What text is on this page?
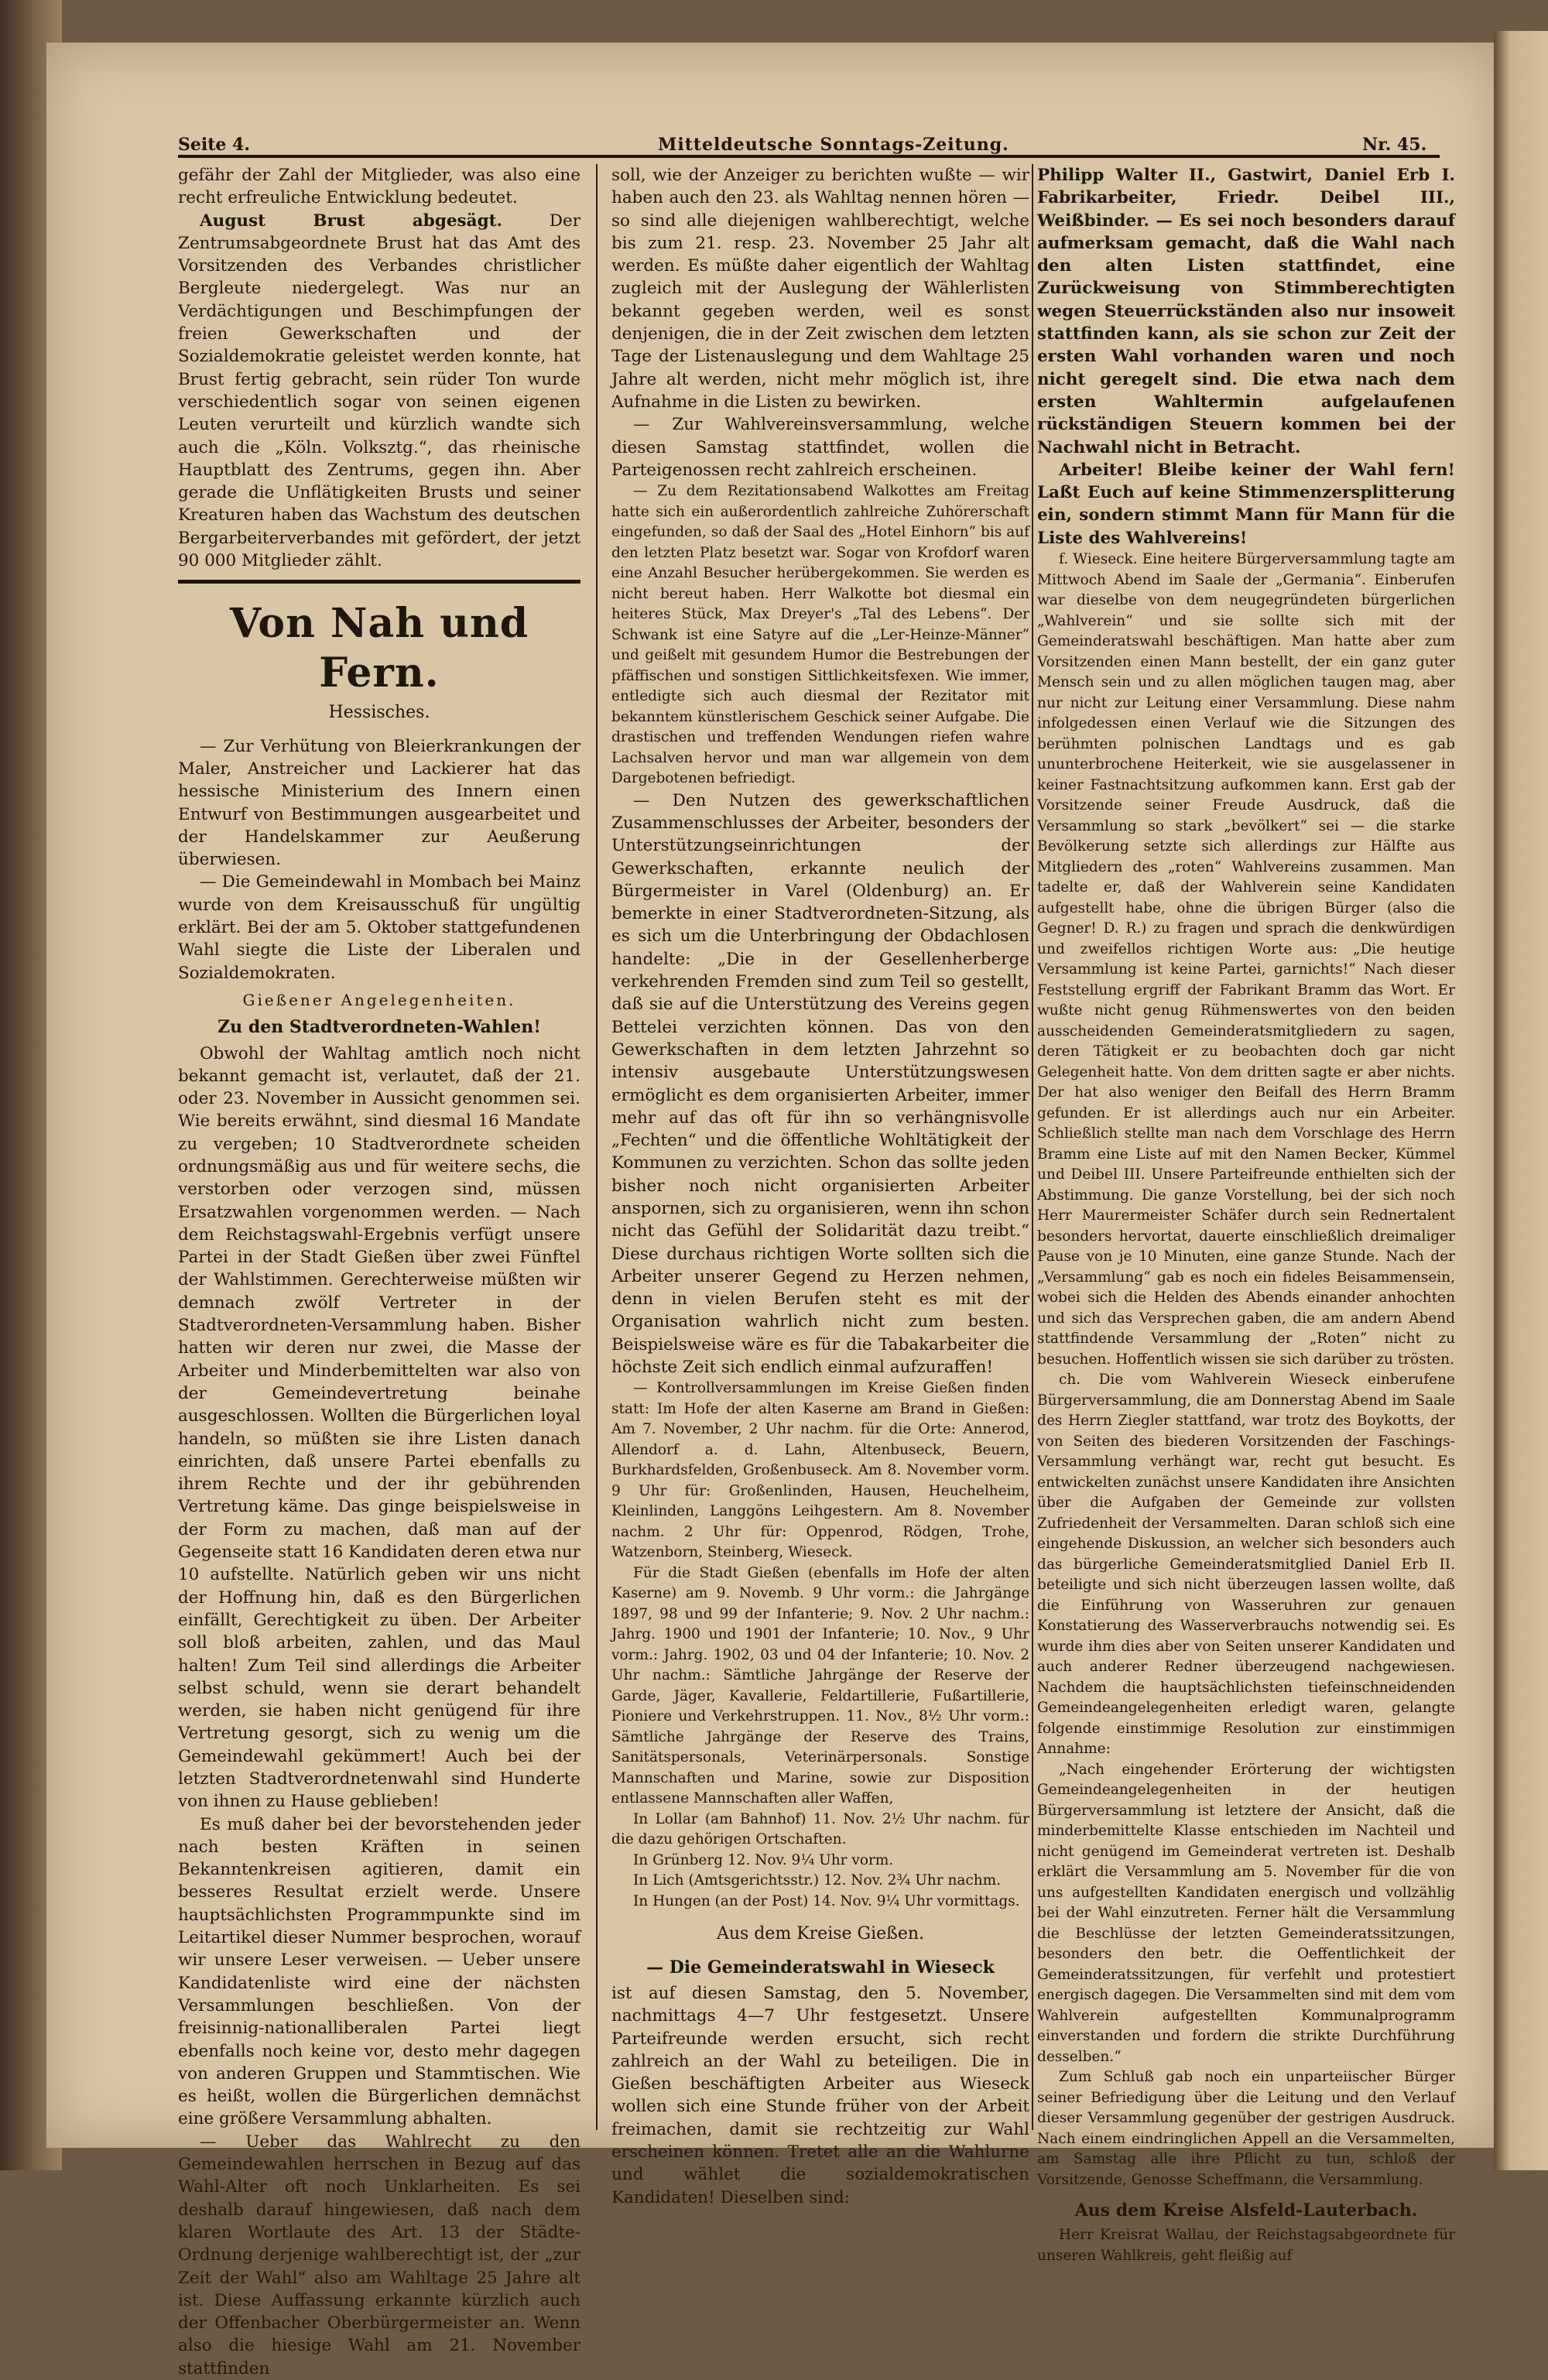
Seite 4.	Mitteldeutsche Sonntags-Zeitung.	Nr. 45.

gefähr der Zahl der Mitglieder, was also eine recht erfreuliche Entwicklung bedeutet.

August Brust abgesägt.	Der Zentrumsabgeordnete Brust hat das Amt des Vorsitzenden des Verbandes christlicher Bergleute niedergelegt. Was nur an Verdächtigungen und Beschimpfungen der freien Gewerkschaften und der Sozialdemokratie geleistet werden konnte, hat Brust fertig gebracht, sein rüder Ton wurde verschiedentlich sogar von seinen eigenen Leuten verurteilt und kürzlich wandte sich auch die „Köln. Volksztg.“, das rheinische Hauptblatt des Zentrums, gegen ihn. Aber gerade die Unflätigkeiten Brusts und seiner Kreaturen haben das Wachstum des deutschen Bergarbeiterverbandes mit gefördert, der jetzt 90 000 Mitglieder zählt.

Von Nah und Fern.

Hessisches.

— Zur Verhütung von Bleierkrankungen der Maler, Anstreicher und Lackierer hat das hessische Ministerium des Innern einen Entwurf von Bestimmungen ausgearbeitet und der Handelskammer zur Aeußerung überwiesen.

— Die Gemeindewahl in Mombach bei Mainz wurde von dem Kreisausschuß für ungültig erklärt. Bei der am 5. Oktober stattgefundenen Wahl siegte die Liste der Liberalen und Sozialdemokraten.

Gießener Angelegenheiten.

Zu den Stadtverordneten-Wahlen!

Obwohl der Wahltag amtlich noch nicht bekannt gemacht ist, verlautet, daß der 21. oder 23. November in Aussicht genommen sei. Wie bereits erwähnt, sind diesmal 16 Mandate zu vergeben; 10 Stadtverordnete scheiden ordnungsmäßig aus und für weitere sechs, die verstorben oder verzogen sind, müssen Ersatzwahlen vorgenommen werden. — Nach dem Reichstagswahl-Ergebnis verfügt unsere Partei in der Stadt Gießen über zwei Fünftel der Wahlstimmen. Gerechterweise müßten wir demnach zwölf Vertreter in der Stadtverordneten-Versammlung haben. Bisher hatten wir deren nur zwei, die Masse der Arbeiter und Minderbemittelten war also von der Gemeindevertretung beinahe ausgeschlossen. Wollten die Bürgerlichen loyal handeln, so müßten sie ihre Listen danach einrichten, daß unsere Partei ebenfalls zu ihrem Rechte und der ihr gebührenden Vertretung käme. Das ginge beispielsweise in der Form zu machen, daß man auf der Gegenseite statt 16 Kandidaten deren etwa nur 10 aufstellte. Natürlich geben wir uns nicht der Hoffnung hin, daß es den Bürgerlichen einfällt, Gerechtigkeit zu üben. Der Arbeiter soll bloß arbeiten, zahlen, und das Maul halten! Zum Teil sind allerdings die Arbeiter selbst schuld, wenn sie derart behandelt werden, sie haben nicht genügend für ihre Vertretung gesorgt, sich zu wenig um die Gemeindewahl gekümmert! Auch bei der letzten Stadtverordnetenwahl sind Hunderte von ihnen zu Hause geblieben!

Es muß daher bei der bevorstehenden jeder nach besten Kräften in seinen Bekanntenkreisen agitieren, damit ein besseres Resultat erzielt werde. Unsere hauptsächlichsten Programmpunkte sind im Leitartikel dieser Nummer besprochen, worauf wir unsere Leser verweisen. — Ueber unsere Kandidatenliste wird eine der nächsten Versammlungen beschließen. Von der freisinnig-nationalliberalen Partei liegt ebenfalls noch keine vor, desto mehr dagegen von anderen Gruppen und Stammtischen. Wie es heißt, wollen die Bürgerlichen demnächst eine größere Versammlung abhalten.

— Ueber das Wahlrecht zu den Gemeindewahlen herrschen in Bezug auf das Wahl-Alter oft noch Unklarheiten. Es sei deshalb darauf hingewiesen, daß nach dem klaren Wortlaute des Art. 13 der Städte-Ordnung derjenige wahlberechtigt ist, der „zur Zeit der Wahl“ also am Wahltage 25 Jahre alt ist. Diese Auffassung erkannte kürzlich auch der Offenbacher Oberbürgermeister an. Wenn also die hiesige Wahl am 21. November stattfinden

soll, wie der Anzeiger zu berichten wußte — wir haben auch den 23. als Wahltag nennen hören — so sind alle diejenigen wahlberechtigt, welche bis zum 21. resp. 23. November 25 Jahr alt werden. Es müßte daher eigentlich der Wahltag zugleich mit der Auslegung der Wählerlisten bekannt gegeben werden, weil es sonst denjenigen, die in der Zeit zwischen dem letzten Tage der Listenauslegung und dem Wahltage 25 Jahre alt werden, nicht mehr möglich ist, ihre Aufnahme in die Listen zu bewirken.

— Zur Wahlvereinsversammlung, welche diesen Samstag stattfindet, wollen die Parteigenossen recht zahlreich erscheinen.

— Zu dem Rezitationsabend Walkottes am Freitag hatte sich ein außerordentlich zahlreiche Zuhörerschaft eingefunden, so daß der Saal des „Hotel Einhorn“ bis auf den letzten Platz besetzt war. Sogar von Krofdorf waren eine Anzahl Besucher herübergekommen. Sie werden es nicht bereut haben. Herr Walkotte bot diesmal ein heiteres Stück, Max Dreyer's „Tal des Lebens“. Der Schwank ist eine Satyre auf die „Ler-Heinze-Männer“ und geißelt mit gesundem Humor die Bestrebungen der pfäffischen und sonstigen Sittlichkeitsfexen. Wie immer, entledigte sich auch diesmal der Rezitator mit bekanntem künstlerischem Geschick seiner Aufgabe. Die drastischen und treffenden Wendungen riefen wahre Lachsalven hervor und man war allgemein von dem Dargebotenen befriedigt.

— Den Nutzen des gewerkschaftlichen Zusammenschlusses der Arbeiter, besonders der Unterstützungseinrichtungen der Gewerkschaften, erkannte neulich der Bürgermeister in Varel (Oldenburg) an. Er bemerkte in einer Stadtverordneten-Sitzung, als es sich um die Unterbringung der Obdachlosen handelte: „Die in der Gesellenherberge verkehrenden Fremden sind zum Teil so gestellt, daß sie auf die Unterstützung des Vereins gegen Bettelei verzichten können. Das von den Gewerkschaften in dem letzten Jahrzehnt so intensiv ausgebaute Unterstützungswesen ermöglicht es dem organisierten Arbeiter, immer mehr auf das oft für ihn so verhängnisvolle „Fechten“ und die öffentliche Wohltätigkeit der Kommunen zu verzichten. Schon das sollte jeden bisher noch nicht organisierten Arbeiter anspornen, sich zu organisieren, wenn ihn schon nicht das Gefühl der Solidarität dazu treibt.“ Diese durchaus richtigen Worte sollten sich die Arbeiter unserer Gegend zu Herzen nehmen, denn in vielen Berufen steht es mit der Organisation wahrlich nicht zum besten. Beispielsweise wäre es für die Tabakarbeiter die höchste Zeit sich endlich einmal aufzuraffen!

— Kontrollversammlungen im Kreise Gießen finden statt: Im Hofe der alten Kaserne am Brand in Gießen: Am 7. November, 2 Uhr nachm. für die Orte: Annerod, Allendorf a. d. Lahn, Altenbuseck, Beuern, Burkhardsfelden, Großenbuseck. Am 8. November vorm. 9 Uhr für: Großenlinden, Hausen, Heuchelheim, Kleinlinden, Langgöns Leihgestern. Am 8. November nachm. 2 Uhr für: Oppenrod, Rödgen, Trohe, Watzenborn, Steinberg, Wieseck.

Für die Stadt Gießen (ebenfalls im Hofe der alten Kaserne) am 9. Novemb. 9 Uhr vorm.: die Jahrgänge 1897, 98 und 99 der Infanterie; 9. Nov. 2 Uhr nachm.: Jahrg. 1900 und 1901 der Infanterie; 10. Nov., 9 Uhr vorm.: Jahrg. 1902, 03 und 04 der Infanterie; 10. Nov. 2 Uhr nachm.: Sämtliche Jahrgänge der Reserve der Garde, Jäger, Kavallerie, Feldartillerie, Fußartillerie, Pioniere und Verkehrstruppen. 11. Nov., 8½ Uhr vorm.: Sämtliche Jahrgänge der Reserve des Trains, Sanitätspersonals, Veterinärpersonals. Sonstige Mannschaften und Marine, sowie zur Disposition entlassene Mannschaften aller Waffen,

In Lollar (am Bahnhof) 11. Nov. 2½ Uhr nachm. für die dazu gehörigen Ortschaften.

In Grünberg 12. Nov. 9¼ Uhr vorm.

In Lich (Amtsgerichtsstr.) 12. Nov. 2¾ Uhr nachm.

In Hungen (an der Post) 14. Nov. 9¼ Uhr vormittags.

Aus dem Kreise Gießen.

— Die Gemeinderatswahl in Wieseck

ist auf diesen Samstag, den 5. November, nachmittags 4—7 Uhr festgesetzt. Unsere Parteifreunde werden ersucht, sich recht zahlreich an der Wahl zu beteiligen. Die in Gießen beschäftigten Arbeiter aus Wieseck wollen sich eine Stunde früher von der Arbeit freimachen, damit sie rechtzeitig zur Wahl erscheinen können. Tretet alle an die Wahlurne und wählet die sozialdemokratischen Kandidaten! Dieselben sind:

Philipp Walter II., Gastwirt, Daniel Erb I. Fabrikarbeiter, Friedr. Deibel III., Weißbinder. — Es sei noch besonders darauf aufmerksam gemacht, daß die Wahl nach den alten Listen stattfindet, eine Zurückweisung von Stimmberechtigten wegen Steuerrückständen also nur insoweit stattfinden kann, als sie schon zur Zeit der ersten Wahl vorhanden waren und noch nicht geregelt sind. Die etwa nach dem ersten Wahltermin aufgelaufenen rückständigen Steuern kommen bei der Nachwahl nicht in Betracht.

Arbeiter! Bleibe keiner der Wahl fern! Laßt Euch auf keine Stimmenzersplitterung ein, sondern stimmt Mann für Mann für die Liste des Wahlvereins!

f. Wieseck. Eine heitere Bürgerversammlung tagte am Mittwoch Abend im Saale der „Germania“. Einberufen war dieselbe von dem neugegründeten bürgerlichen „Wahlverein“ und sie sollte sich mit der Gemeinderatswahl beschäftigen. Man hatte aber zum Vorsitzenden einen Mann bestellt, der ein ganz guter Mensch sein und zu allen möglichen taugen mag, aber nur nicht zur Leitung einer Versammlung. Diese nahm infolgedessen einen Verlauf wie die Sitzungen des berühmten polnischen Landtags und es gab ununterbrochene Heiterkeit, wie sie ausgelassener in keiner Fastnachtsitzung aufkommen kann. Erst gab der Vorsitzende seiner Freude Ausdruck, daß die Versammlung so stark „bevölkert“ sei — die starke Bevölkerung setzte sich allerdings zur Hälfte aus Mitgliedern des „roten“ Wahlvereins zusammen. Man tadelte er, daß der Wahlverein seine Kandidaten aufgestellt habe, ohne die übrigen Bürger (also die Gegner! D. R.) zu fragen und sprach die denkwürdigen und zweifellos richtigen Worte aus: „Die heutige Versammlung ist keine Partei, garnichts!“ Nach dieser Feststellung ergriff der Fabrikant Bramm das Wort. Er wußte nicht genug Rühmenswertes von den beiden ausscheidenden Gemeinderatsmitgliedern zu sagen, deren Tätigkeit er zu beobachten doch gar nicht Gelegenheit hatte. Von dem dritten sagte er aber nichts. Der hat also weniger den Beifall des Herrn Bramm gefunden. Er ist allerdings auch nur ein Arbeiter. Schließlich stellte man nach dem Vorschlage des Herrn Bramm eine Liste auf mit den Namen Becker, Kümmel und Deibel III. Unsere Parteifreunde enthielten sich der Abstimmung. Die ganze Vorstellung, bei der sich noch Herr Maurermeister Schäfer durch sein Rednertalent besonders hervortat, dauerte einschließlich dreimaliger Pause von je 10 Minuten, eine ganze Stunde. Nach der „Versammlung“ gab es noch ein fideles Beisammensein, wobei sich die Helden des Abends einander anhochten und sich das Versprechen gaben, die am andern Abend stattfindende Versammlung der „Roten“ nicht zu besuchen. Hoffentlich wissen sie sich darüber zu trösten.

ch. Die vom Wahlverein Wieseck einberufene Bürgerversammlung, die am Donnerstag Abend im Saale des Herrn Ziegler stattfand, war trotz des Boykotts, der von Seiten des biederen Vorsitzenden der Faschings-Versammlung verhängt war, recht gut besucht. Es entwickelten zunächst unsere Kandidaten ihre Ansichten über die Aufgaben der Gemeinde zur vollsten Zufriedenheit der Versammelten. Daran schloß sich eine eingehende Diskussion, an welcher sich besonders auch das bürgerliche Gemeinderatsmitglied Daniel Erb II. beteiligte und sich nicht überzeugen lassen wollte, daß die Einführung von Wasseruhren zur genauen Konstatierung des Wasserverbrauchs notwendig sei. Es wurde ihm dies aber von Seiten unserer Kandidaten und auch anderer Redner überzeugend nachgewiesen. Nachdem die hauptsächlichsten tiefeinschneidenden Gemeindeangelegenheiten erledigt waren, gelangte folgende einstimmige Resolution zur einstimmigen Annahme:

„Nach eingehender Erörterung der wichtigsten Gemeindeangelegenheiten in der heutigen Bürgerversammlung ist letztere der Ansicht, daß die minderbemittelte Klasse entschieden im Nachteil und nicht genügend im Gemeinderat vertreten ist. Deshalb erklärt die Versammlung am 5. November für die von uns aufgestellten Kandidaten energisch und vollzählig bei der Wahl einzutreten. Ferner hält die Versammlung die Beschlüsse der letzten Gemeinderatssitzungen, besonders den betr. die Oeffentlichkeit der Gemeinderatssitzungen, für verfehlt und protestiert energisch dagegen. Die Versammelten sind mit dem vom Wahlverein aufgestellten Kommunalprogramm einverstanden und fordern die strikte Durchführung desselben.“

Zum Schluß gab noch ein unparteiischer Bürger seiner Befriedigung über die Leitung und den Verlauf dieser Versammlung gegenüber der gestrigen Ausdruck. Nach einem eindringlichen Appell an die Versammelten, am Samstag alle ihre Pflicht zu tun, schloß der Vorsitzende, Genosse Scheffmann, die Versammlung.

Aus dem Kreise Alsfeld-Lauterbach.

Herr Kreisrat Wallau, der Reichstagsabgeordnete für unseren Wahlkreis, geht fleißig auf
